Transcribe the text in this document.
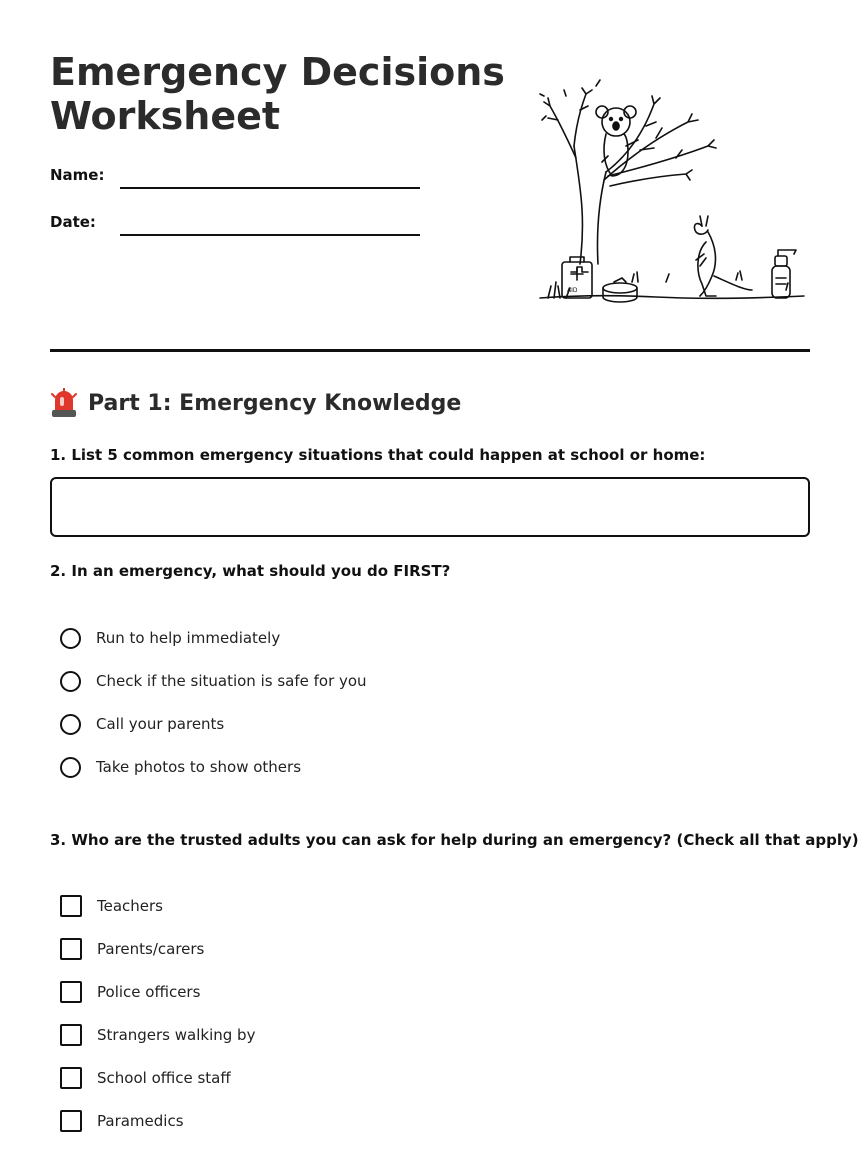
Emergency Decisions Worksheet
Name:
Date:
AID
Part 1: Emergency Knowledge

1. List 5 common emergency situations that could happen at school or home:

2. In an emergency, what should you do FIRST?

Run to help immediately
Check if the situation is safe for you
Call your parents
Take photos to show others

3. Who are the trusted adults you can ask for help during an emergency? (Check all that apply)

Teachers
Parents/carers
Police officers
Strangers walking by
School office staff
Paramedics
